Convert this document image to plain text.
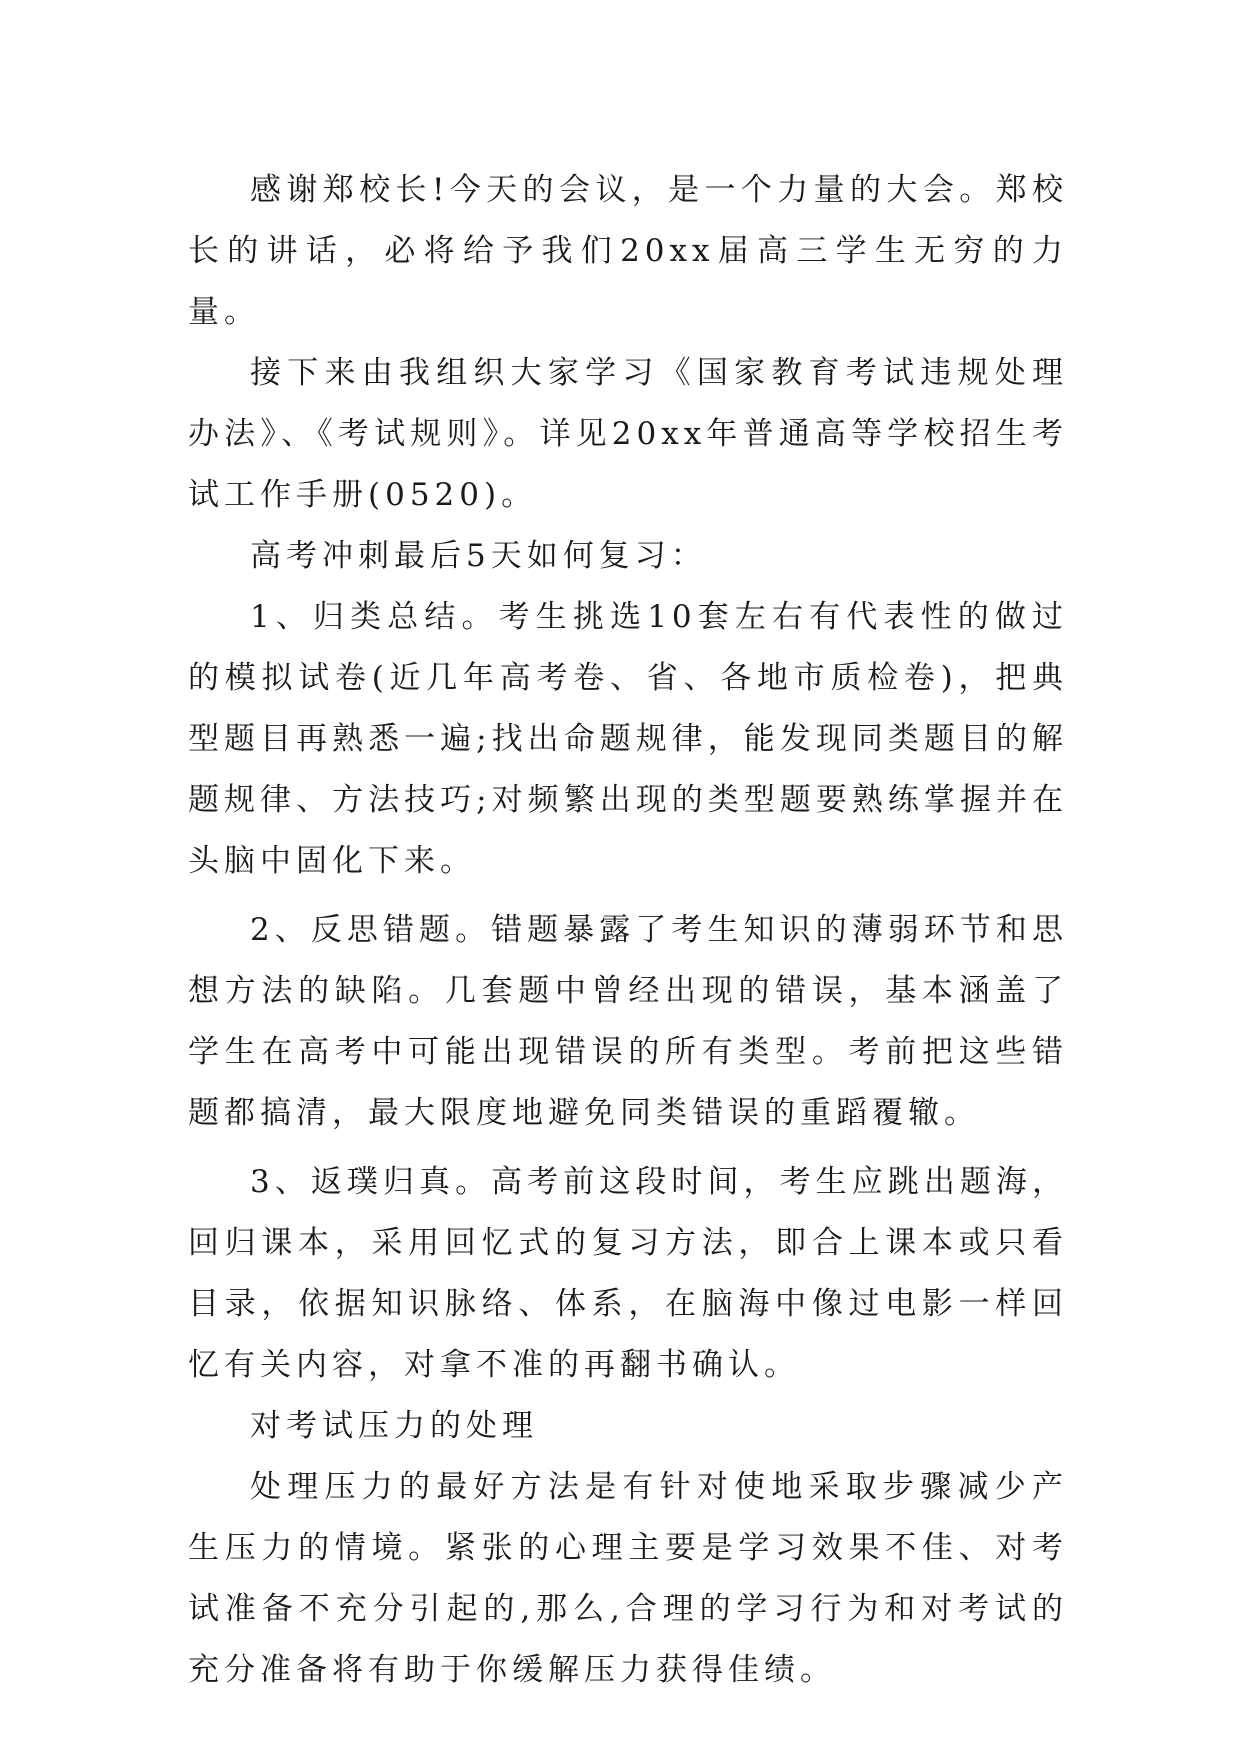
感谢郑校长!今天的会议，是一个力量的大会。郑校长的讲话，必将给予我们20xx届高三学生无穷的力量。

接下来由我组织大家学习《国家教育考试违规处理办法》、《考试规则》。详见20xx年普通高等学校招生考试工作手册(0520)。

高考冲刺最后5天如何复习：

1、归类总结。考生挑选10套左右有代表性的做过的模拟试卷(近几年高考卷、省、各地市质检卷)，把典型题目再熟悉一遍;找出命题规律，能发现同类题目的解题规律、方法技巧;对频繁出现的类型题要熟练掌握并在头脑中固化下来。

2、反思错题。错题暴露了考生知识的薄弱环节和思想方法的缺陷。几套题中曾经出现的错误，基本涵盖了学生在高考中可能出现错误的所有类型。考前把这些错题都搞清，最大限度地避免同类错误的重蹈覆辙。

3、返璞归真。高考前这段时间，考生应跳出题海，回归课本，采用回忆式的复习方法，即合上课本或只看目录，依据知识脉络、体系，在脑海中像过电影一样回忆有关内容，对拿不准的再翻书确认。

对考试压力的处理

处理压力的最好方法是有针对使地采取步骤减少产生压力的情境。紧张的心理主要是学习效果不佳、对考试准备不充分引起的,那么,合理的学习行为和对考试的充分准备将有助于你缓解压力获得佳绩。
